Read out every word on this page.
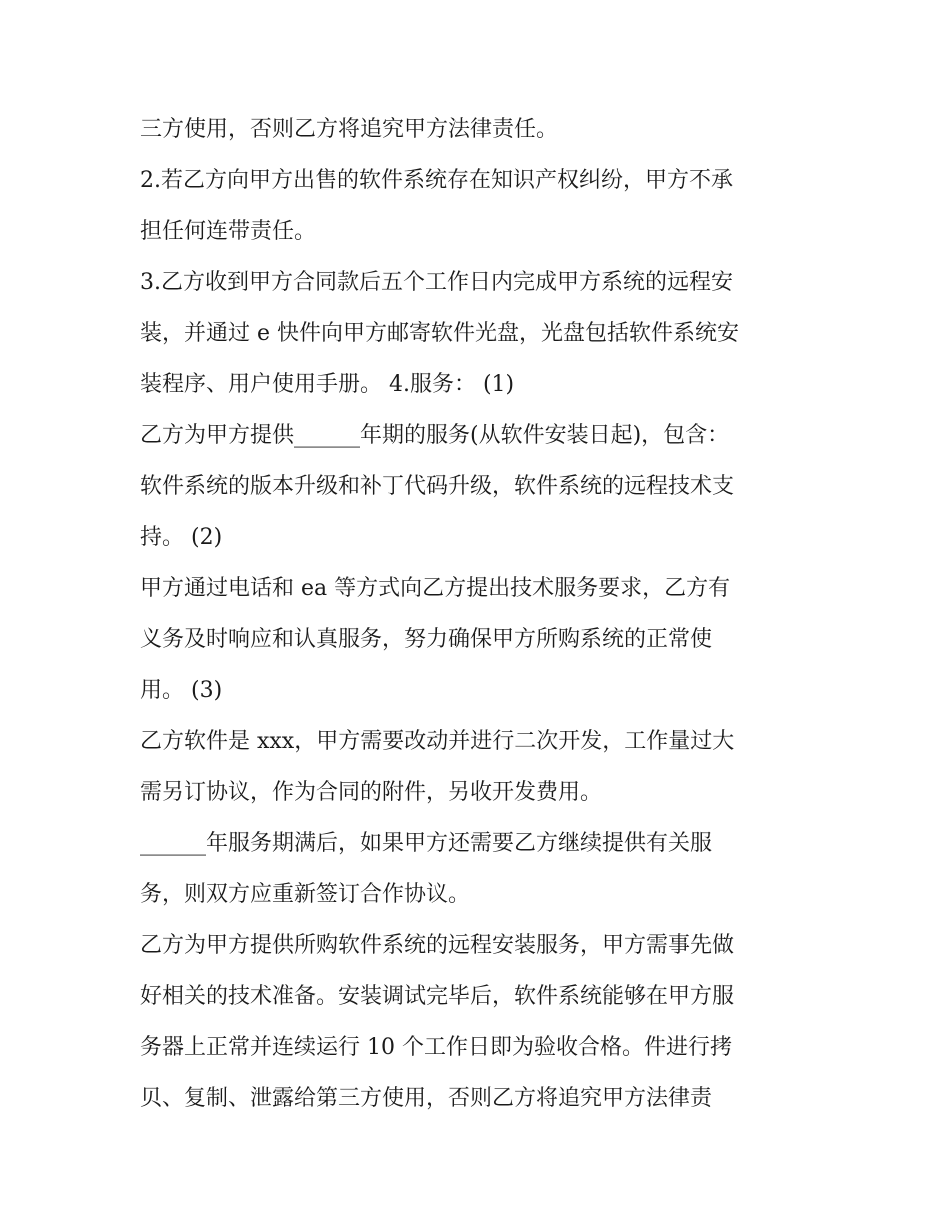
三方使用，否则乙方将追究甲方法律责任。
2.若乙方向甲方出售的软件系统存在知识产权纠纷，甲方不承
担任何连带责任。
3.乙方收到甲方合同款后五个工作日内完成甲方系统的远程安
装，并通过 e 快件向甲方邮寄软件光盘，光盘包括软件系统安
装程序、用户使用手册。 4.服务： (1)
乙方为甲方提供______年期的服务(从软件安装日起)，包含：
软件系统的版本升级和补丁代码升级，软件系统的远程技术支
持。 (2)
甲方通过电话和 ea 等方式向乙方提出技术服务要求，乙方有
义务及时响应和认真服务，努力确保甲方所购系统的正常使
用。 (3)
乙方软件是 xxx，甲方需要改动并进行二次开发，工作量过大
需另订协议，作为合同的附件，另收开发费用。
______年服务期满后，如果甲方还需要乙方继续提供有关服
务，则双方应重新签订合作协议。
乙方为甲方提供所购软件系统的远程安装服务，甲方需事先做
好相关的技术准备。安装调试完毕后，软件系统能够在甲方服
务器上正常并连续运行 10 个工作日即为验收合格。件进行拷
贝、复制、泄露给第三方使用，否则乙方将追究甲方法律责
